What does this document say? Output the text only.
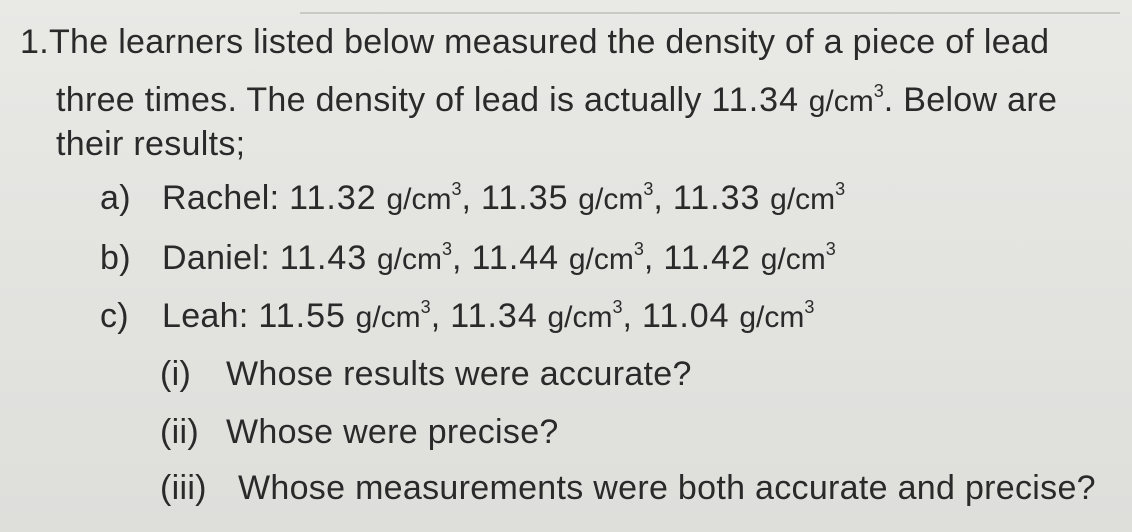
1.The learners listed below measured the density of a piece of lead
three times. The density of lead is actually 11.34 $g/cm^3$. Below are
their results;
a) Rachel: 11.32 $g/cm^3$, 11.35 $g/cm^3$, 11.33 $g/cm^3$
b) Daniel: 11.43 $g/cm^3$, 11.44 $g/cm^3$, 11.42 $g/cm^3$
c) Leah: 11.55 $g/cm^3$, 11.34 $g/cm^3$, 11.04 $g/cm^3$
(i) Whose results were accurate?
(ii) Whose were precise?
(iii) Whose measurements were both accurate and precise?
